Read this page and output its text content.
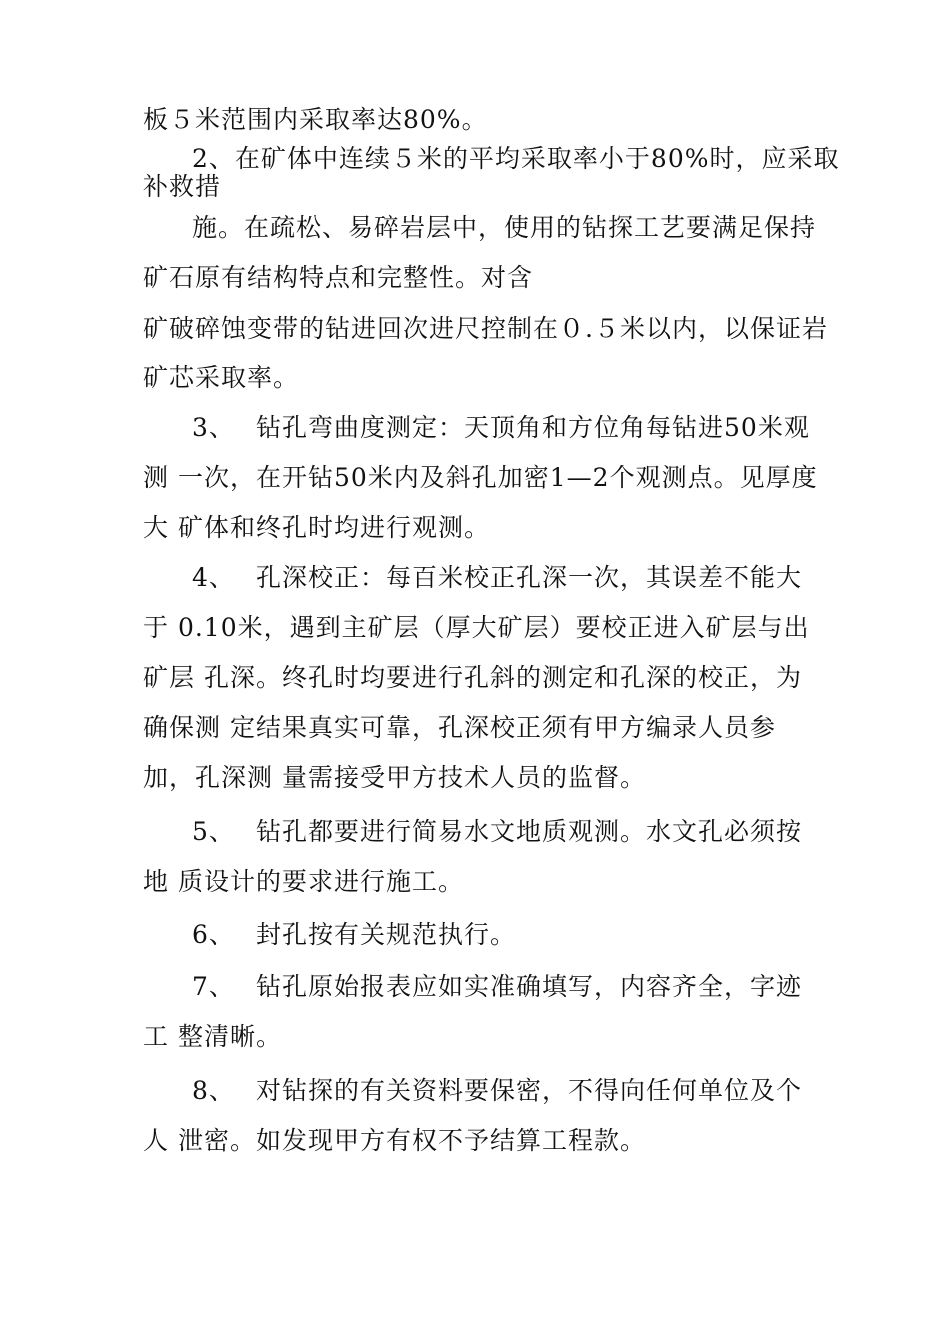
板５米范围内采取率达80%。
2、在矿体中连续５米的平均采取率小于80%时，应采取
补救措
施。在疏松、易碎岩层中，使用的钻探工艺要满足保持
矿石原有结构特点和完整性。对含
矿破碎蚀变带的钻进回次进尺控制在０.５米以内，以保证岩
矿芯采取率。
3、 钻孔弯曲度测定：天顶角和方位角每钻进50米观
测 一次，在开钻50米内及斜孔加密1—2个观测点。见厚度
大 矿体和终孔时均进行观测。
4、 孔深校正：每百米校正孔深一次，其误差不能大
于 0.10米，遇到主矿层（厚大矿层）要校正进入矿层与出
矿层 孔深。终孔时均要进行孔斜的测定和孔深的校正，为
确保测 定结果真实可靠，孔深校正须有甲方编录人员参
加，孔深测 量需接受甲方技术人员的监督。
5、 钻孔都要进行简易水文地质观测。水文孔必须按
地 质设计的要求进行施工。
6、 封孔按有关规范执行。
7、 钻孔原始报表应如实准确填写，内容齐全，字迹
工 整清晰。
8、 对钻探的有关资料要保密，不得向任何单位及个
人 泄密。如发现甲方有权不予结算工程款。
